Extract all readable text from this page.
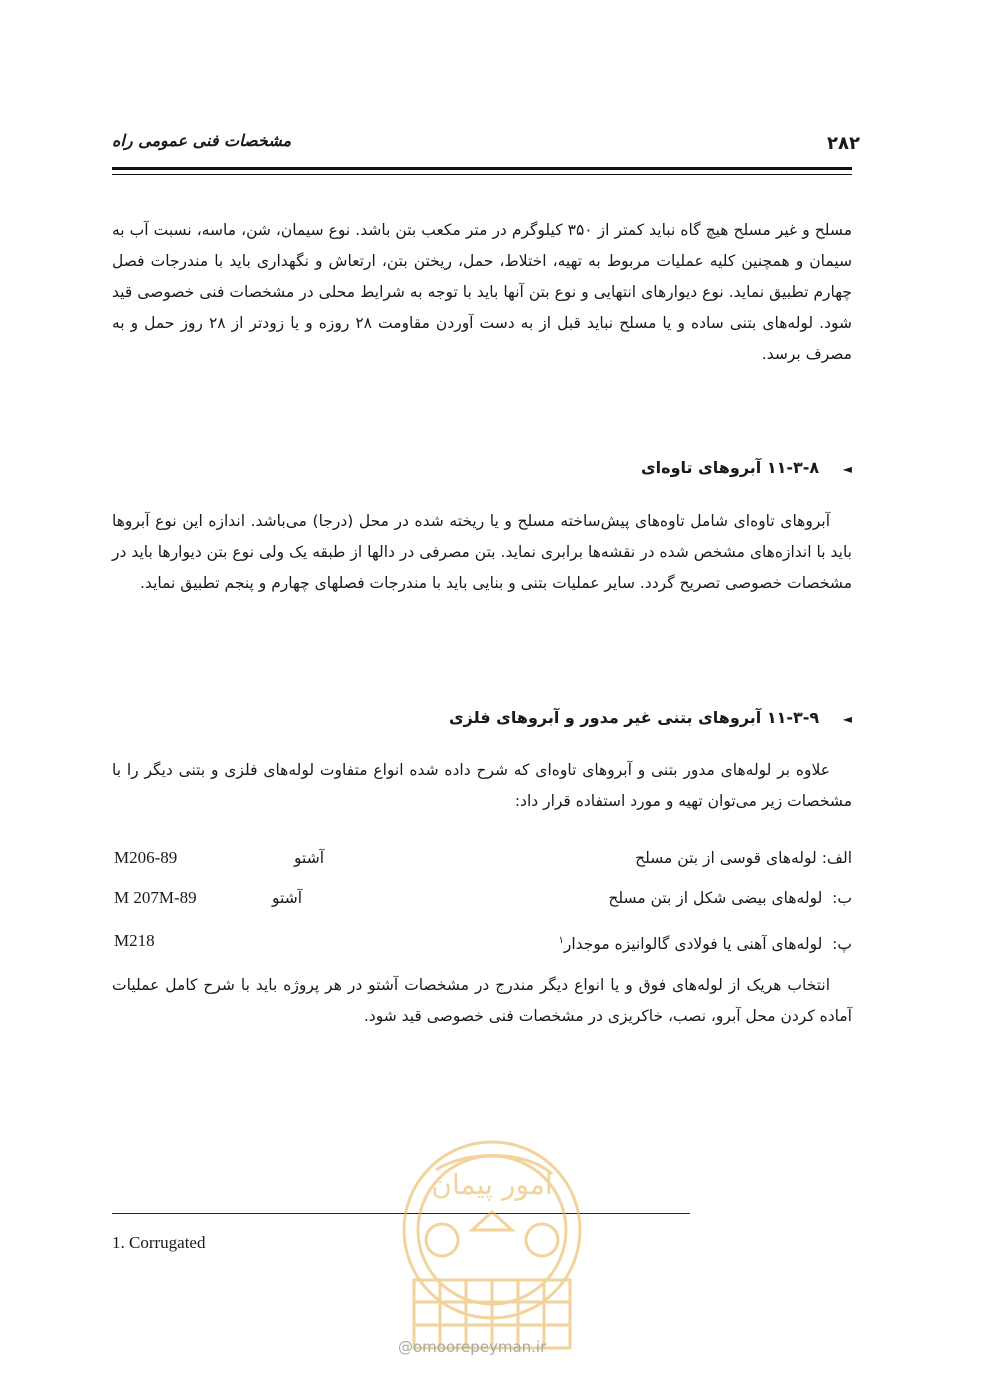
۲۸۲
مشخصات فنی عمومی راه

مسلح و غیر مسلح هیچ گاه نباید کمتر از ۳۵۰ کیلوگرم در متر مکعب بتن باشد. نوع سیمان، شن، ماسه، نسبت آب به سیمان و همچنین کلیه عملیات مربوط به تهیه، اختلاط، حمل، ریختن بتن، ارتعاش و نگهداری باید با مندرجات فصل چهارم تطبیق نماید. نوع دیوارهای انتهایی و نوع بتن آنها باید با توجه به شرایط محلی در مشخصات فنی خصوصی قید شود. لوله‌های بتنی ساده و یا مسلح نباید قبل از به دست آوردن مقاومت ۲۸ روزه و یا زودتر از ۲۸ روز حمل و به مصرف برسد.

◄ ۱۱-۳-۸ آبروهای تاوه‌ای

آبروهای تاوه‌ای شامل تاوه‌های پیش‌ساخته مسلح و یا ریخته شده در محل (درجا) می‌باشد. اندازه این نوع آبروها باید با اندازه‌های مشخص شده در نقشه‌ها برابری نماید. بتن مصرفی در دالها از طبقه یک ولی نوع بتن دیوارها باید در مشخصات خصوصی تصریح گردد. سایر عملیات بتنی و بنایی باید با مندرجات فصلهای چهارم و پنجم تطبیق نماید.

◄ ۱۱-۳-۹ آبروهای بتنی غیر مدور و آبروهای فلزی

علاوه بر لوله‌های مدور بتنی و آبروهای تاوه‌ای که شرح داده شده انواع متفاوت لوله‌های فلزی و بتنی دیگر را با مشخصات زیر می‌توان تهیه و مورد استفاده قرار داد:

الف: لوله‌های قوسی از بتن مسلح
آشتو
M206-89
ب:  لوله‌های بیضی شکل از بتن مسلح
آشتو
M 207M-89
پ:  لوله‌های آهنی یا فولادی گالوانیزه موجدار$^۱$
M218

انتخاب هریک از لوله‌های فوق و یا انواع دیگر مندرج در مشخصات آشتو در هر پروژه باید با شرح کامل عملیات آماده کردن محل آبرو، نصب، خاکریزی در مشخصات فنی خصوصی قید شود.

1. Corrugated
امور پیمان
@omoorepeyman.ir
